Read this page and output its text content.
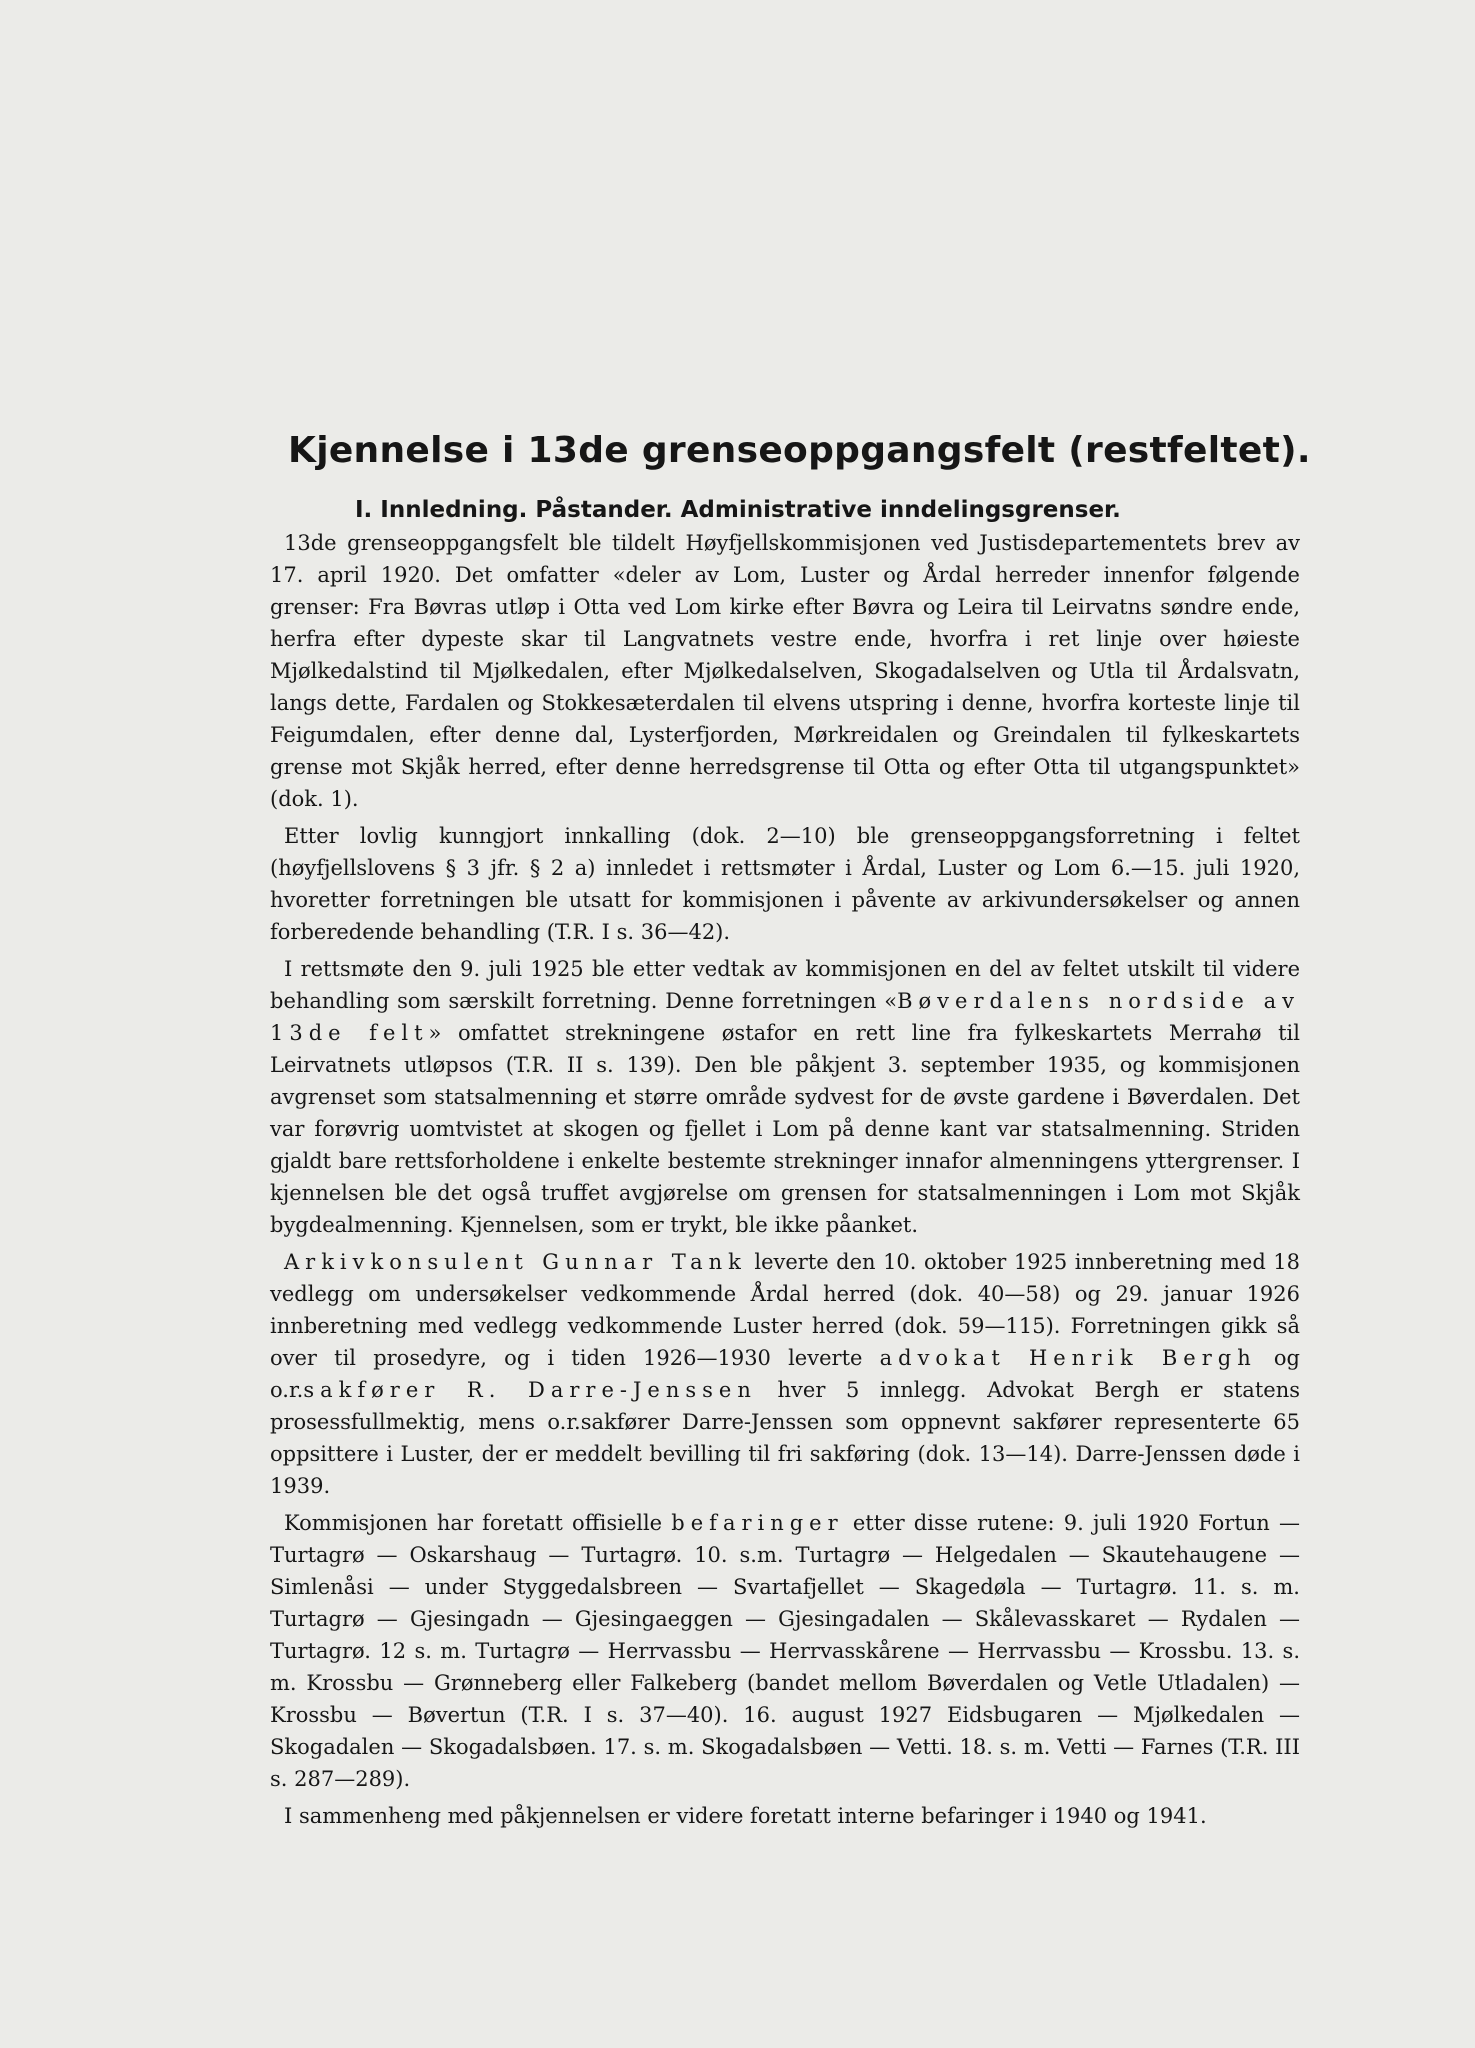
Kjennelse i 13de grenseoppgangsfelt (restfeltet).
I. Innledning. Påstander. Administrative inndelingsgrenser.

13de grenseoppgangsfelt ble tildelt Høyfjellskommisjonen ved Justisdepartementets brev av 17. april 1920. Det omfatter «deler av Lom, Luster og Årdal herreder innenfor følgende grenser: Fra Bøvras utløp i Otta ved Lom kirke efter Bøvra og Leira til Leirvatns søndre ende, herfra efter dypeste skar til Langvatnets vestre ende, hvorfra i ret linje over høieste Mjølkedalstind til Mjølkedalen, efter Mjølkedalselven, Skogadalselven og Utla til Årdalsvatn, langs dette, Fardalen og Stokkesæterdalen til elvens utspring i denne, hvorfra korteste linje til Feigumdalen, efter denne dal, Lysterfjorden, Mørkreidalen og Greindalen til fylkeskartets grense mot Skjåk herred, efter denne herredsgrense til Otta og efter Otta til utgangspunktet» (dok. 1).

Etter lovlig kunngjort innkalling (dok. 2—10) ble grenseoppgangsforretning i feltet (høyfjellslovens § 3 jfr. § 2 a) innledet i rettsmøter i Årdal, Luster og Lom 6.—15. juli 1920, hvoretter forretningen ble utsatt for kommisjonen i påvente av arkivundersøkelser og annen forberedende behandling (T.R. I s. 36—42).

I rettsmøte den 9. juli 1925 ble etter vedtak av kommisjonen en del av feltet utskilt til videre behandling som særskilt forretning. Denne forretningen «Bøverdalens nordside av 13de felt» omfattet strekningene østafor en rett line fra fylkeskartets Merrahø til Leirvatnets utløpsos (T.R. II s. 139). Den ble påkjent 3. september 1935, og kommisjonen avgrenset som statsalmenning et større område sydvest for de øvste gardene i Bøverdalen. Det var forøvrig uomtvistet at skogen og fjellet i Lom på denne kant var statsalmenning. Striden gjaldt bare rettsforholdene i enkelte bestemte strekninger innafor almenningens yttergrenser. I kjennelsen ble det også truffet avgjørelse om grensen for statsalmenningen i Lom mot Skjåk bygdealmenning. Kjennelsen, som er trykt, ble ikke påanket.

Arkivkonsulent Gunnar Tank leverte den 10. oktober 1925 innberetning med 18 vedlegg om undersøkelser vedkommende Årdal herred (dok. 40—58) og 29. januar 1926 innberetning med vedlegg vedkommende Luster herred (dok. 59—115). Forretningen gikk så over til prosedyre, og i tiden 1926—1930 leverte advokat Henrik Bergh og o.r.sakfører R. Darre-Jenssen hver 5 innlegg. Advokat Bergh er statens prosessfullmektig, mens o.r.sakfører Darre-Jenssen som oppnevnt sakfører representerte 65 oppsittere i Luster, der er meddelt bevilling til fri sakføring (dok. 13—14). Darre-Jenssen døde i 1939.

Kommisjonen har foretatt offisielle befaringer etter disse rutene: 9. juli 1920 Fortun — Turtagrø — Oskarshaug — Turtagrø. 10. s.m. Turtagrø — Helgedalen — Skautehaugene — Simlenåsi — under Styggedalsbreen — Svartafjellet — Skagedøla — Turtagrø. 11. s. m. Turtagrø — Gjesingadn — Gjesingaeggen — Gjesingadalen — Skålevasskaret — Rydalen — Turtagrø. 12 s. m. Turtagrø — Herrvassbu — Herrvasskårene — Herrvassbu — Krossbu. 13. s. m. Krossbu — Grønneberg eller Falkeberg (bandet mellom Bøverdalen og Vetle Utladalen) — Krossbu — Bøvertun (T.R. I s. 37—40). 16. august 1927 Eidsbugaren — Mjølkedalen — Skogadalen — Skogadalsbøen. 17. s. m. Skogadalsbøen — Vetti. 18. s. m. Vetti — Farnes (T.R. III s. 287—289).

I sammenheng med påkjennelsen er videre foretatt interne befaringer i 1940 og 1941.
